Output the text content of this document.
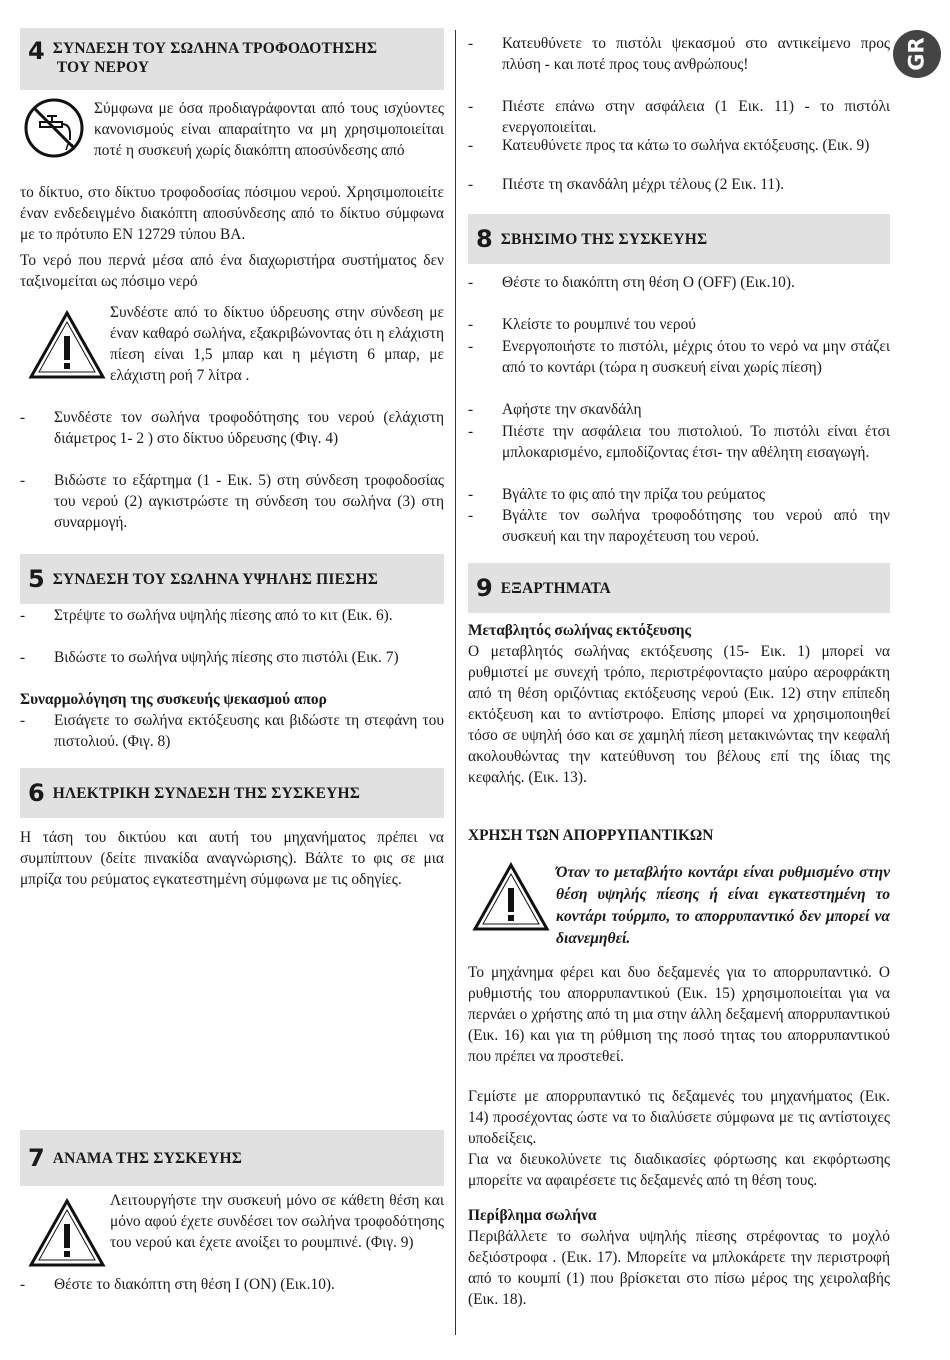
GR
4 ΣΥΝΔΕΣΗ ΤΟΥ ΣΩΛΗΝΑ ΤΡΟΦΟΔΟΤΗΣΗΣ
ΤΟΥ ΝΕΡΟΥ

Σύμφωνα με όσα προδιαγράφονται από τους ισχύοντες κανονισμούς είναι απαραίτητο να μη χρησιμοποιείται ποτέ η συσκευή χωρίς διακόπτη αποσύνδεσης από

το δίκτυο, στο δίκτυο τροφοδοσίας πόσιμου νερού. Χρησιμοποιείτε έναν ενδεδειγμένο διακόπτη αποσύνδεσης από το δίκτυο σύμφωνα με το πρότυπο EN 12729 τύπου ΒΑ.

Το νερό που περνά μέσα από ένα διαχωριστήρα συστήματος δεν ταξινομείται ως πόσιμο νερό

Συνδέστε από το δίκτυο ύδρευσης στην σύνδεση με έναν καθαρό σωλήνα, εξακριβώνοντας ότι η ελάχιστη πίεση είναι 1,5 μπαρ και η μέγιστη 6 μπαρ, με ελάχιστη ροή 7 λίτρα .

- Συνδέστε τον σωλήνα τροφοδότησης του νερού (ελάχιστη διάμετρος 1- 2 ) στο δίκτυο ύδρευσης (Φιγ. 4)
- Βιδώστε το εξάρτημα (1 - Εικ. 5) στη σύνδεση τροφοδοσίας του νερού (2) αγκιστρώστε τη σύνδεση του σωλήνα (3) στη συναρμογή.
5 ΣΥΝΔΕΣΗ ΤΟΥ ΣΩΛΗΝΑ ΥΨΗΛΗΣ ΠΙΕΣΗΣ
- Στρέψτε το σωλήνα υψηλής πίεσης από το κιτ (Εικ. 6).
- Βιδώστε το σωλήνα υψηλής πίεσης στο πιστόλι (Εικ. 7)
Συναρμολόγηση της συσκευής ψεκασμού απορ
- Εισάγετε το σωλήνα εκτόξευσης και βιδώστε τη στεφάνη του πιστολιού. (Φιγ. 8)
6 ΗΛΕΚΤΡΙΚΗ ΣΥΝΔΕΣΗ ΤΗΣ ΣΥΣΚΕΥΗΣ

Η τάση του δικτύου και αυτή του μηχανήματος πρέπει να συμπίπτουν (δείτε πινακίδα αναγνώρισης). Βάλτε το φις σε μια μπρίζα του ρεύματος εγκατεστημένη σύμφωνα με τις οδηγίες.

7 ΑΝΑΜΑ ΤΗΣ ΣΥΣΚΕΥΗΣ

Λειτουργήστε την συσκευή μόνο σε κάθετη θέση και μόνο αφού έχετε συνδέσει τον σωλήνα τροφοδότησης του νερού και έχετε ανοίξει το ρουμπινέ. (Φιγ. 9)

- Θέστε το διακόπτη στη θέση I (ON) (Εικ.10).
- Κατευθύνετε το πιστόλι ψεκασμού στο αντικείμενο προς πλύση - και ποτέ προς τους ανθρώπους!
- Πιέστε επάνω στην ασφάλεια (1 Εικ. 11) ‑ το πιστόλι ενεργοποιείται.
- Κατευθύνετε προς τα κάτω το σωλήνα εκτόξευσης. (Εικ. 9)
- Πιέστε τη σκανδάλη μέχρι τέλους (2 Εικ. 11).
8 ΣΒΗΣΙΜΟ ΤΗΣ ΣΥΣΚΕΥΗΣ
- Θέστε το διακόπτη στη θέση O (OFF) (Εικ.10).
- Κλείστε το ρουμπινέ του νερού
- Ενεργοποιήστε το πιστόλι, μέχρις ότου το νερό να μην στάζει από το κοντάρι (τώρα η συσκευή είναι χωρίς πίεση)
- Αφήστε την σκανδάλη
- Πιέστε την ασφάλεια του πιστολιού. Το πιστόλι είναι έτσι μπλοκαρισμένο, εμποδίζοντας έτσι- την αθέλητη εισαγωγή.
- Βγάλτε το φις από την πρίζα του ρεύματος
- Βγάλτε τον σωλήνα τροφοδότησης του νερού από την συσκευή και την παροχέτευση του νερού.
9 ΕΞΑΡΤΗΜΑΤΑ
Μεταβλητός σωλήνας εκτόξευσης

Ο μεταβλητός σωλήνας εκτόξευσης (15- Εικ. 1) μπορεί να ρυθμιστεί με συνεχή τρόπο, περιστρέφονταςτο μαύρο αεροφράκτη από τη θέση οριζόντιας εκτόξευσης νερού (Εικ. 12) στην επίπεδη εκτόξευση και το αντίστροφο. Επίσης μπορεί να χρησιμοποιηθεί τόσο σε υψηλή όσο και σε χαμηλή πίεση μετακινώντας την κεφαλή ακολουθώντας την κατεύθυνση του βέλους επί της ίδιας της κεφαλής. (Εικ. 13).

ΧΡΗΣΗ ΤΩΝ ΑΠΟΡΡΥΠΑΝΤΙΚΩΝ

Όταν το μεταβλήτο κοντάρι είναι ρυθμισμένο στην θέση υψηλής πίεσης ή είναι εγκατεστημένη το κοντάρι τούρμπο, το απορρυπαντικό δεν μπορεί να διανεμηθεί.

Το μηχάνημα φέρει και δυο δεξαμενές για το απορρυπαντικό. Ο ρυθμιστής του απορρυπαντικού (Εικ. 15) χρησιμοποιείται για να περνάει ο χρήστης από τη μια στην άλλη δεξαμενή απορρυπαντικού (Εικ. 16) και για τη ρύθμιση της ποσό τητας του απορρυπαντικού που πρέπει να προστεθεί.

Γεμίστε με απορρυπαντικό τις δεξαμενές του μηχανήματος (Εικ. 14) προσέχοντας ώστε να το διαλύσετε σύμφωνα με τις αντίστοιχες υποδείξεις.

Για να διευκολύνετε τις διαδικασίες φόρτωσης και εκφόρτωσης μπορείτε να αφαιρέσετε τις δεξαμενές από τη θέση τους.

Περίβλημα σωλήνα

Περιβάλλετε το σωλήνα υψηλής πίεσης στρέφοντας το μοχλό δεξιόστροφα . (Εικ. 17). Μπορείτε να μπλοκάρετε την περιστροφή από το κουμπί (1) που βρίσκεται στο πίσω μέρος της χειρολαβής (Εικ. 18).
